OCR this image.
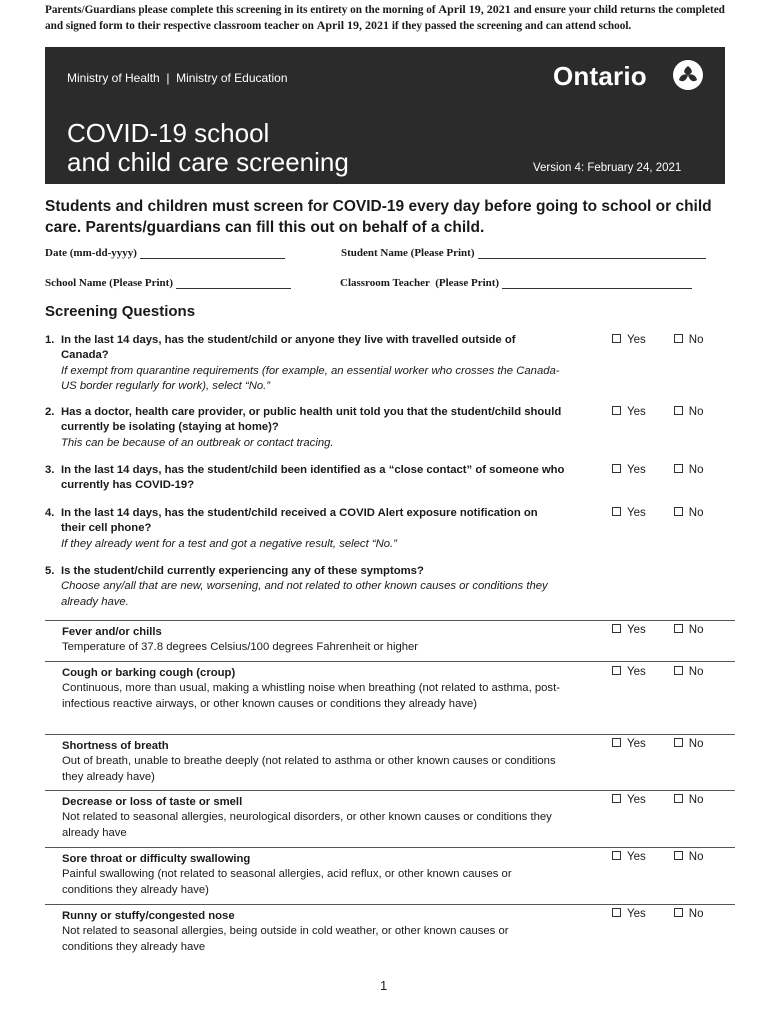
Parents/Guardians please complete this screening in its entirety on the morning of April 19, 2021 and ensure your child returns the completed and signed form to their respective classroom teacher on April 19, 2021 if they passed the screening and can attend school.
Ministry of Health  |  Ministry of Education	Ontario
COVID-19 school
and child care screening	Version 4: February 24, 2021
Students and children must screen for COVID-19 every day before going to school or child care. Parents/guardians can fill this out on behalf of a child.
Date (mm-dd-yyyy)	Student Name (Please Print)
School Name (Please Print)	Classroom Teacher  (Please Print)
Screening Questions
1. In the last 14 days, has the student/child or anyone they live with travelled outside of Canada?
If exempt from quarantine requirements (for example, an essential worker who crosses the Canada-US border regularly for work), select “No.”
Yes	No
2. Has a doctor, health care provider, or public health unit told you that the student/child should currently be isolating (staying at home)?
This can be because of an outbreak or contact tracing.
Yes	No
3. In the last 14 days, has the student/child been identified as a “close contact” of someone who currently has COVID-19?
Yes	No
4. In the last 14 days, has the student/child received a COVID Alert exposure notification on their cell phone?
If they already went for a test and got a negative result, select “No.”
Yes	No
5. Is the student/child currently experiencing any of these symptoms?
Choose any/all that are new, worsening, and not related to other known causes or conditions they already have.
Fever and/or chills
Temperature of 37.8 degrees Celsius/100 degrees Fahrenheit or higher
Yes	No
Cough or barking cough (croup)
Continuous, more than usual, making a whistling noise when breathing (not related to asthma, post-infectious reactive airways, or other known causes or conditions they already have)
Yes	No
Shortness of breath
Out of breath, unable to breathe deeply (not related to asthma or other known causes or conditions they already have)
Yes	No
Decrease or loss of taste or smell
Not related to seasonal allergies, neurological disorders, or other known causes or conditions they already have
Yes	No
Sore throat or difficulty swallowing
Painful swallowing (not related to seasonal allergies, acid reflux, or other known causes or conditions they already have)
Yes	No
Runny or stuffy/congested nose
Not related to seasonal allergies, being outside in cold weather, or other known causes or conditions they already have
Yes	No
1
